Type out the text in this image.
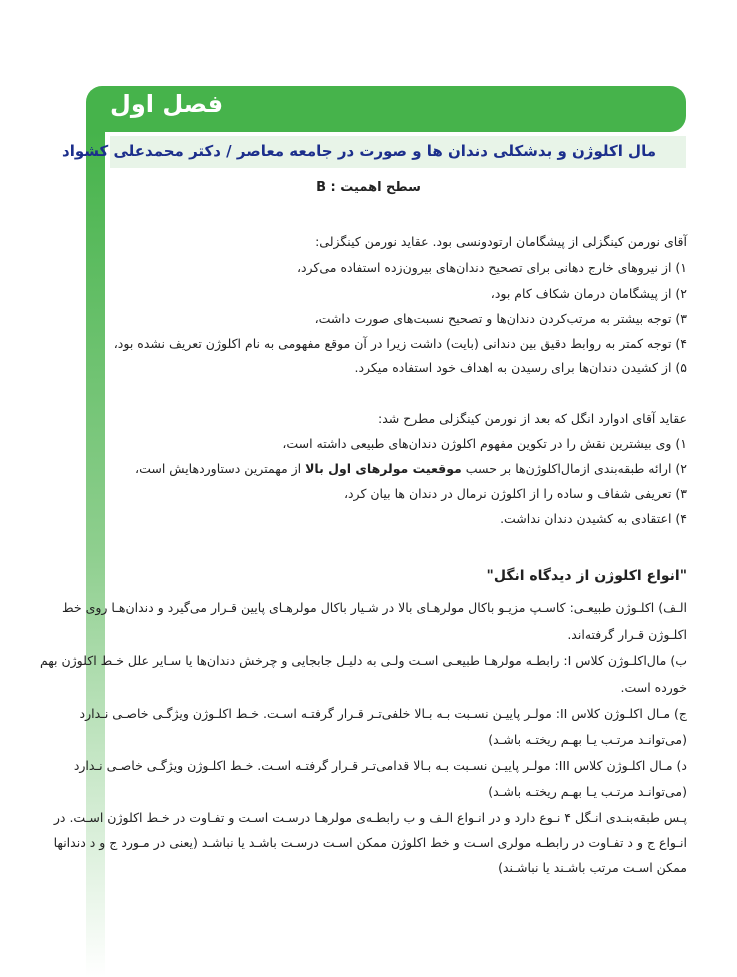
فصل اول
مال اکلوژن و بدشکلی دندان ها و صورت در جامعه معاصر / دکتر محمدعلی کشواد
سطح اهمیت : B
آقای نورمن کینگزلی از پیشگامان ارتودونسی بود. عقاید نورمن کینگزلی:
۱) از نیروهای خارج دهانی برای تصحیح دندان‌های بیرون‌زده استفاده می‌کرد،
۲) از پیشگامان درمان شکاف کام بود،
۳) توجه بیشتر به مرتب‌کردن دندان‌ها و تصحیح نسبت‌های صورت داشت،
۴) توجه کمتر به روابط دقیق بین دندانی (بایت) داشت زیرا در آن موقع مفهومی به نام اکلوژن تعریف نشده بود،
۵) از کشیدن دندان‌ها برای رسیدن به اهداف خود استفاده میکرد.
عقاید آقای ادوارد انگل که بعد از نورمن کینگزلی مطرح شد:
۱) وی بیشترین نقش را در تکوین مفهوم اکلوژن دندان‌های طبیعی داشته است،
۲) ارائه طبقه‌بندی ازمال‌اکلوژن‌ها بر حسب موقعیت مولرهای اول بالا از مهمترین دستاوردهایش است،
۳) تعریفی شفاف و ساده را از اکلوژن نرمال در دندان ها بیان کرد،
۴) اعتقادی به کشیدن دندان نداشت.
"انواع اکلوژن از دیدگاه انگل"
الـف) اکلـوژن طبیعـی: کاسـپ مزیـو باکال مولرهـای بالا در شـیار باکال مولرهـای پایین قـرار می‌گیرد و دندان‌هـا روی خط
اکلـوژن قـرار گرفته‌اند.
ب) مال‌اکلـوژن کلاس I: رابطـه مولرهـا طبیعـی اسـت ولـی به دلیـل جابجایی و چرخش دندان‌ها یا سـایر علل خـط اکلوژن بهم
خورده است.
ج) مـال اکلـوژن کلاس II: مولـر پاییـن نسـبت بـه بـالا خلفی‌تـر قـرار گرفتـه اسـت. خـط اکلـوژن ویژگـی خاصـی نـدارد
(می‌توانـد مرتـب یـا بهـم ریختـه باشـد)
د) مـال اکلـوژن کلاس III: مولـر پاییـن نسـبت بـه بـالا قدامی‌تـر قـرار گرفتـه اسـت. خـط اکلـوژن ویژگـی خاصـی نـدارد
(می‌توانـد مرتـب یـا بهـم ریختـه باشـد)
پـس طبقه‌بنـدی انـگل ۴ نـوع دارد و در انـواع الـف و ب رابطـه‌ی مولرهـا درسـت اسـت و تفـاوت در خـط اکلوژن اسـت. در
انـواع ج و د تفـاوت در رابطـه مولری اسـت و خط اکلوژن ممکن اسـت درسـت باشـد یا نباشـد (یعنی در مـورد ج و د دندانها
ممکن اسـت مرتب باشـند یا نباشـند)
